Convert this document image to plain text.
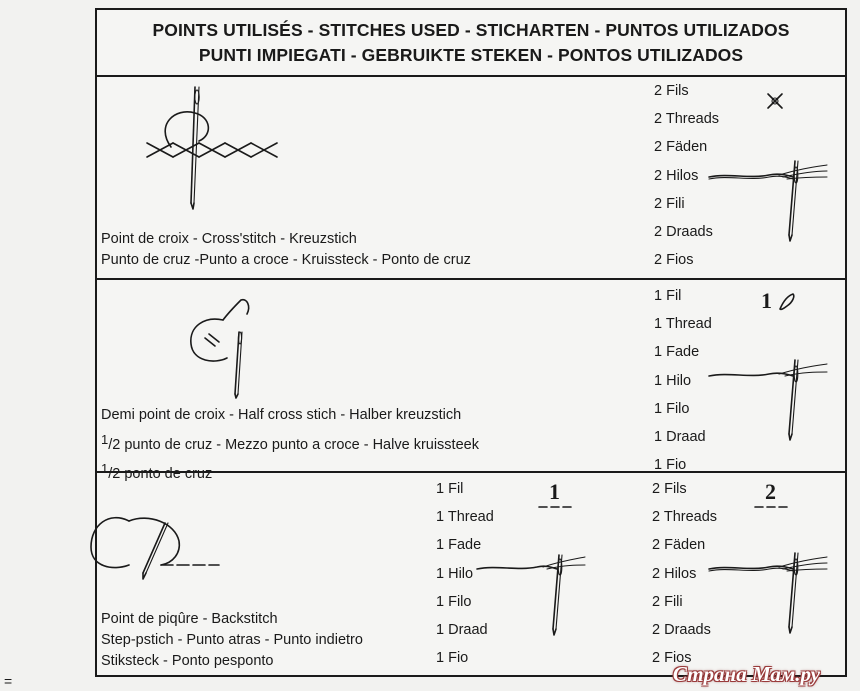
POINTS UTILISÉS - STITCHES USED - STICHARTEN - PUNTOS UTILIZADOS
PUNTI IMPIEGATI - GEBRUIKTE STEKEN - PONTOS UTILIZADOS
2 Fils
2 Threads
2 Fäden
2 Hilos
2 Fili
2 Draads
2 Fios
Point de croix - Cross'stitch - Kreuzstich
Punto de cruz -Punto a croce - Kruissteck - Ponto de cruz
1 Fil
1 Thread
1 Fade
1 Hilo
1 Filo
1 Draad
1 Fio
1
Demi point de croix - Half cross stich - Halber kreuzstich
1/2 punto de cruz - Mezzo punto a croce - Halve kruissteek
1/2 ponto de cruz
1 Fil
1 Thread
1 Fade
1 Hilo
1 Filo
1 Draad
1 Fio
1	2 Fils
2 Threads
2 Fäden
2 Hilos
2 Fili
2 Draads
2 Fios
2
Point de piqûre - Backstitch
Step-pstich - Punto atras - Punto indietro
Stiksteck - Ponto pesponto
Страна Мам.ру
=
